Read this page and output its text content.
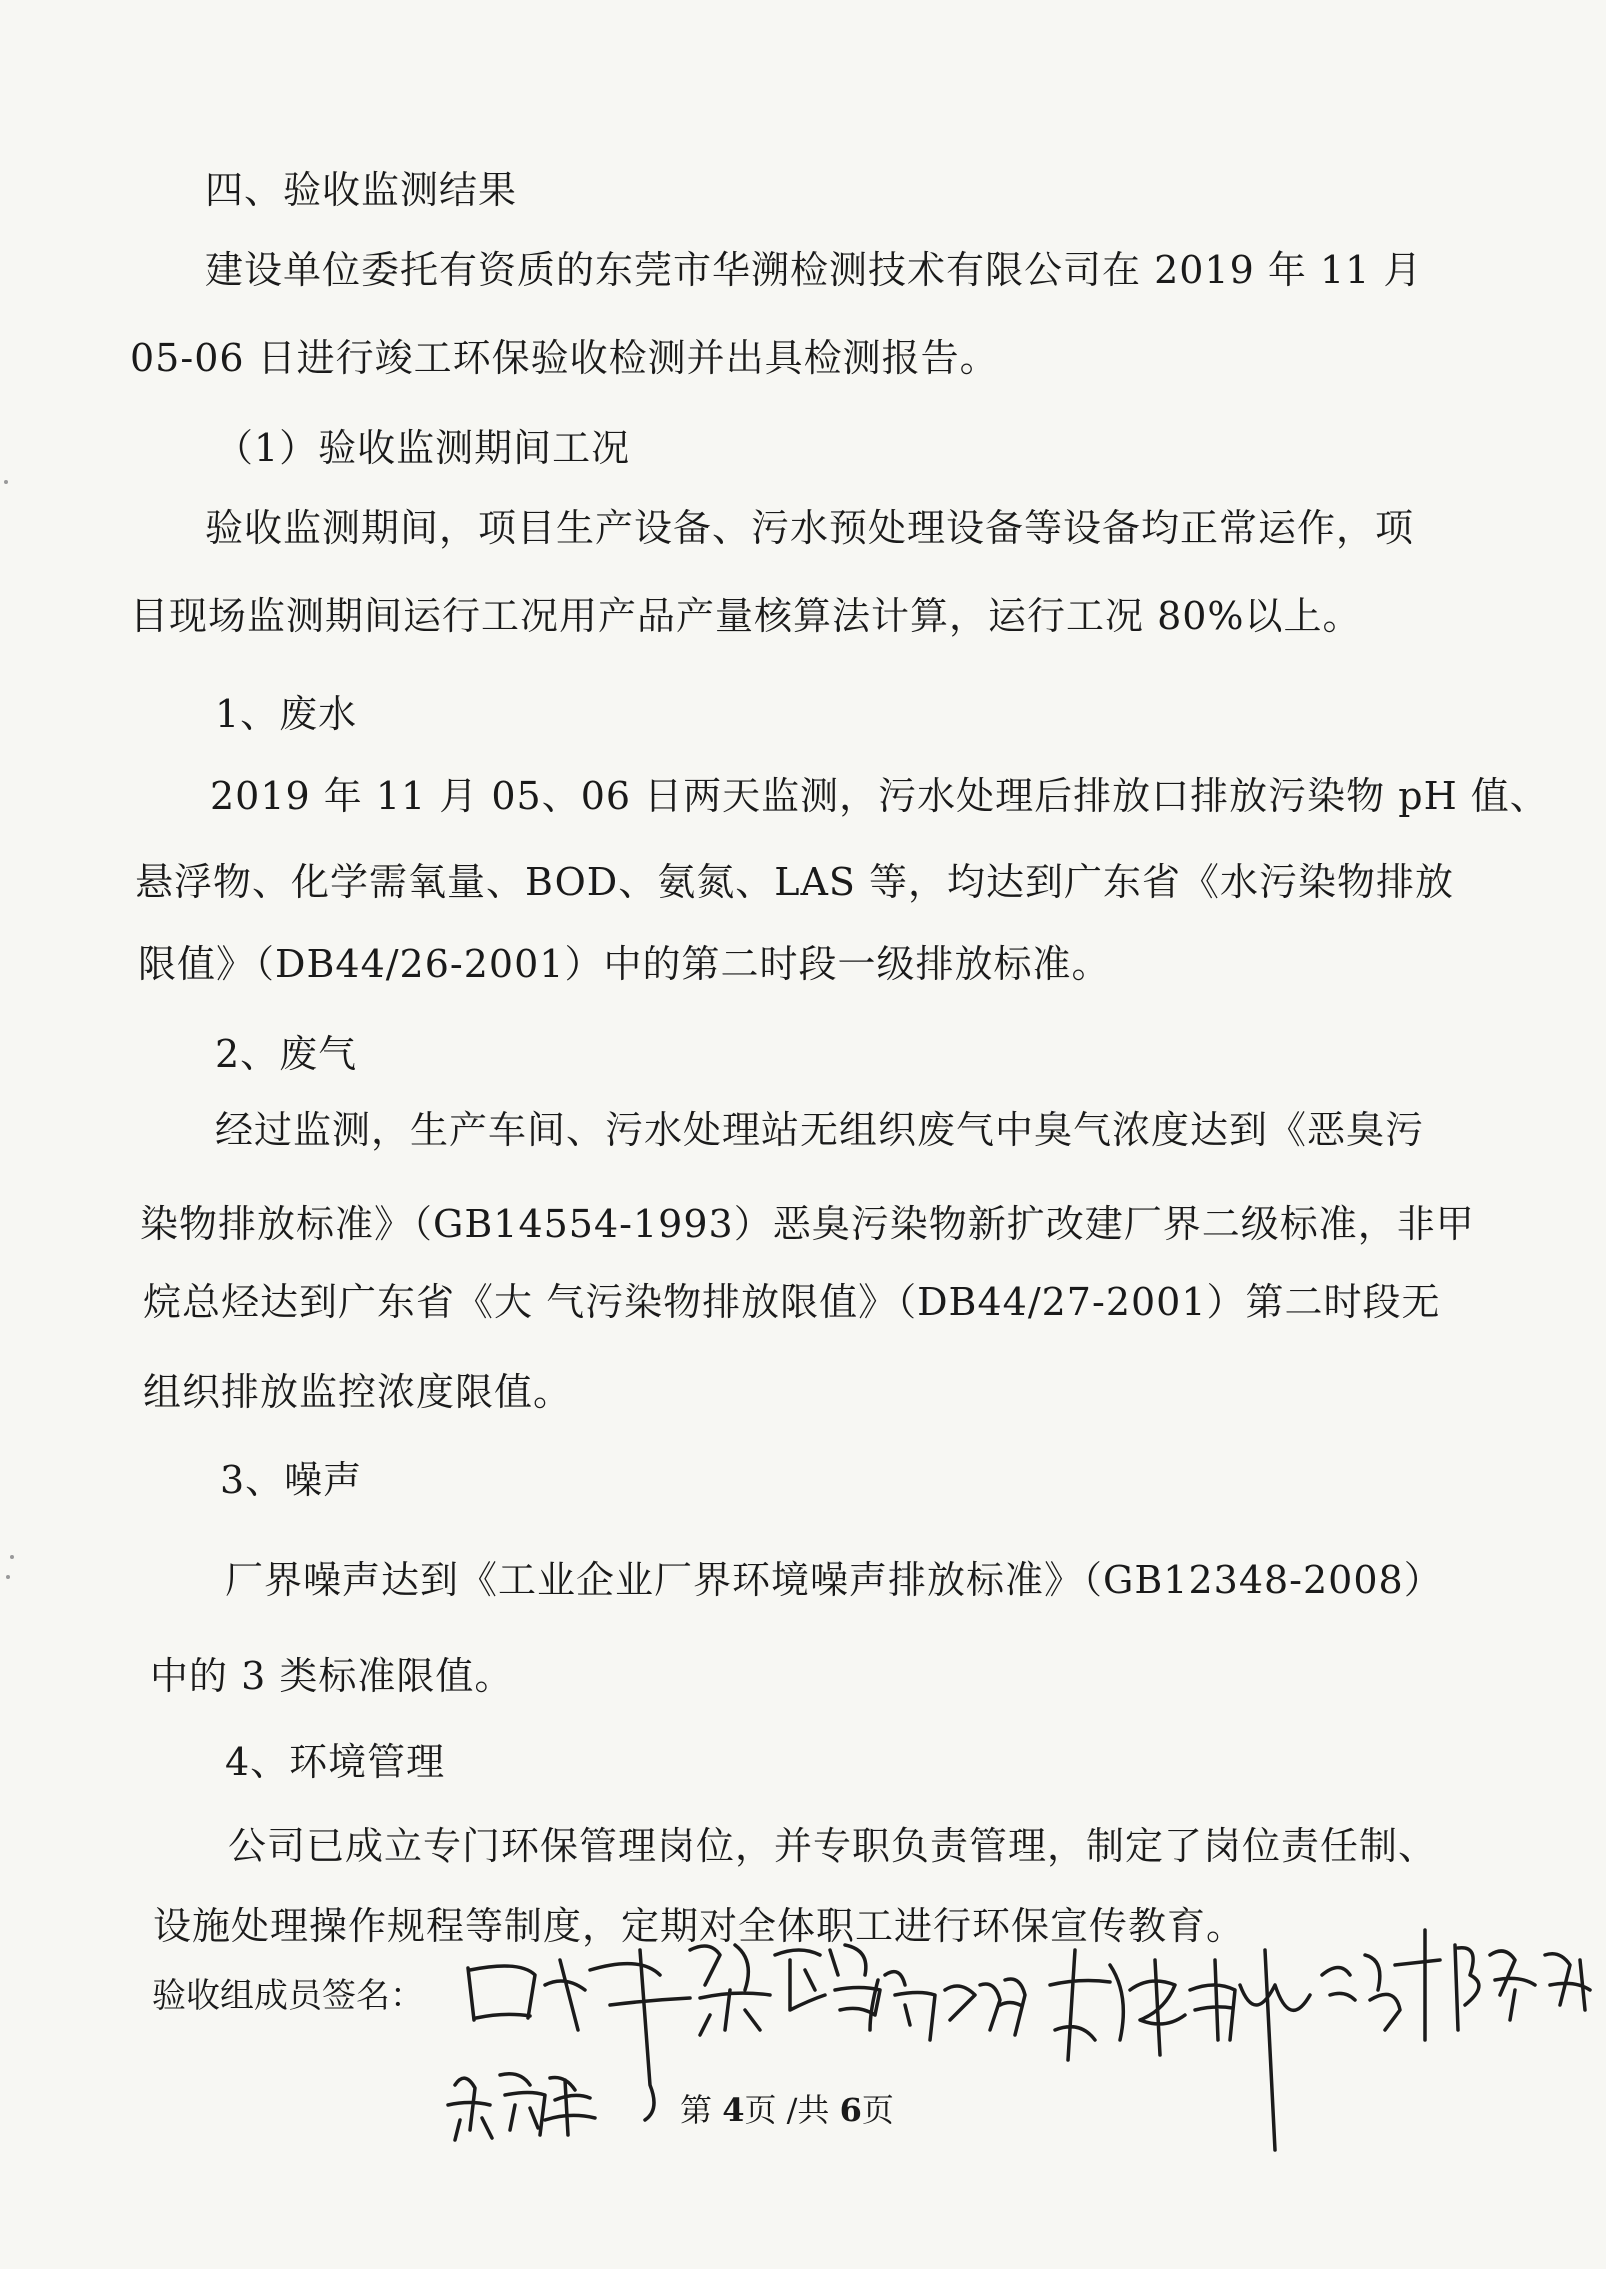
四、验收监测结果

建设单位委托有资质的东莞市华溯检测技术有限公司在 2019 年 11 月

05-06 日进行竣工环保验收检测并出具检测报告。

（1）验收监测期间工况

验收监测期间，项目生产设备、污水预处理设备等设备均正常运作，项

目现场监测期间运行工况用产品产量核算法计算，运行工况 80%以上。

1、废水

2019 年 11 月 05、06 日两天监测，污水处理后排放口排放污染物 pH 值、

悬浮物、化学需氧量、BOD、氨氮、LAS 等，均达到广东省《水污染物排放

限值》（DB44/26-2001）中的第二时段一级排放标准。

2、废气

经过监测，生产车间、污水处理站无组织废气中臭气浓度达到《恶臭污

染物排放标准》（GB14554-1993）恶臭污染物新扩改建厂界二级标准，非甲

烷总烃达到广东省《大 气污染物排放限值》（DB44/27-2001）第二时段无

组织排放监控浓度限值。

3、噪声

厂界噪声达到《工业企业厂界环境噪声排放标准》（GB12348-2008）

中的 3 类标准限值。

4、环境管理

公司已成立专门环保管理岗位，并专职负责管理，制定了岗位责任制、

设施处理操作规程等制度，定期对全体职工进行环保宣传教育。

验收组成员签名：

第 4页 /共 6页
